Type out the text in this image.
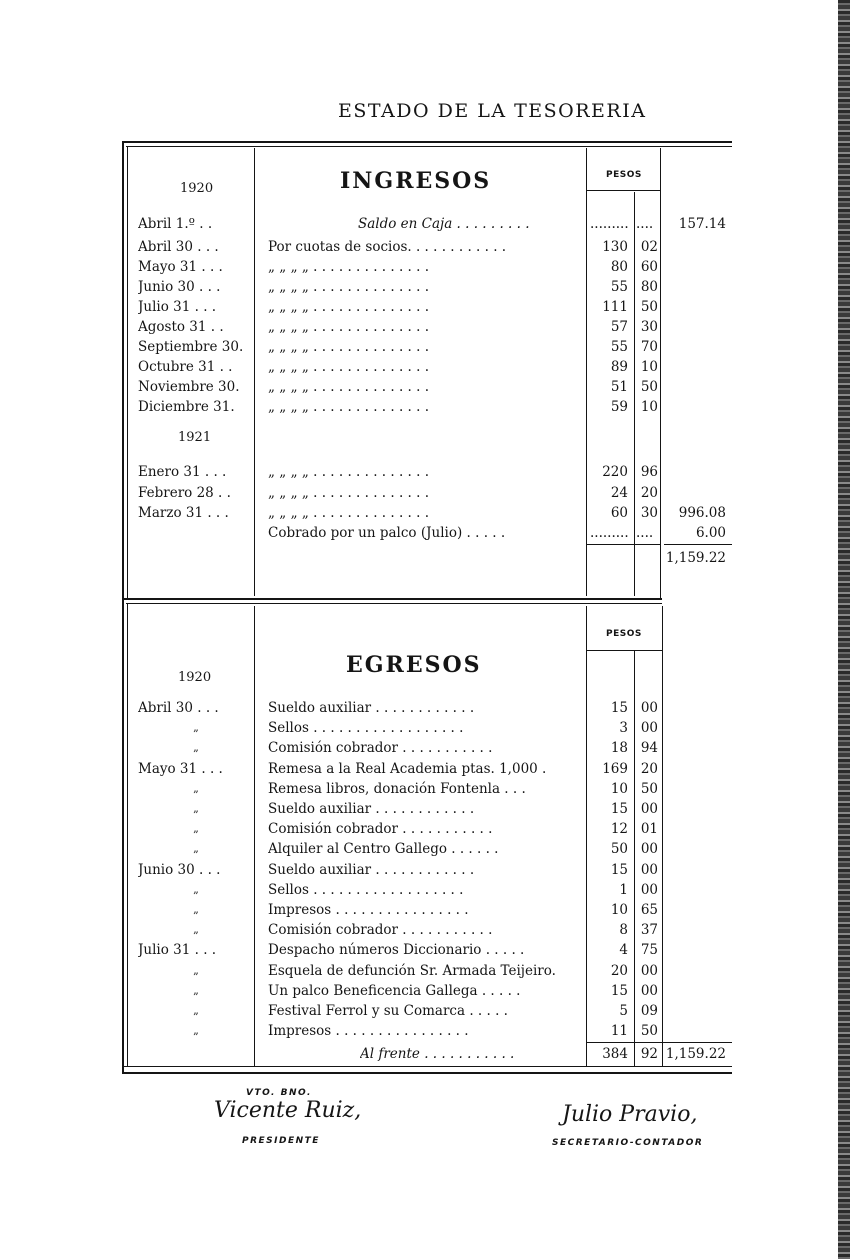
ESTADO DE LA TESORERIA
1920	INGRESOS	PESOS
Abril 1.º . .	Saldo en Caja . . . . . . . . .	......... ....	157.14
Abril 30 . . .	Por cuotas de socios. . . . . . . . . . . .	130 02
Mayo 31 . . .	„ „ „ „ . . . . . . . . . . . . . .	80 60
Junio 30 . . .	„ „ „ „ . . . . . . . . . . . . . .	55 80
Julio 31 . . .	„ „ „ „ . . . . . . . . . . . . . .	111 50
Agosto 31 . .	„ „ „ „ . . . . . . . . . . . . . .	57 30
Septiembre 30.	„ „ „ „ . . . . . . . . . . . . . .	55 70
Octubre 31 . .	„ „ „ „ . . . . . . . . . . . . . .	89 10
Noviembre 30.	„ „ „ „ . . . . . . . . . . . . . .	51 50
Diciembre 31.	„ „ „ „ . . . . . . . . . . . . . .	59 10
1921
Enero 31 . . .	„ „ „ „ . . . . . . . . . . . . . .	220 96
Febrero 28 . .	„ „ „ „ . . . . . . . . . . . . . .	24 20
Marzo 31 . . .	„ „ „ „ . . . . . . . . . . . . . .	60 30	996.08
Cobrado por un palco (Julio) . . . . .	......... ....	6.00
1,159.22
PESOS
EGRESOS
1920
Abril 30 . . .	Sueldo auxiliar . . . . . . . . . . . .	15 00
„	Sellos . . . . . . . . . . . . . . . . . .	3 00
„	Comisión cobrador . . . . . . . . . . .	18 94
Mayo 31 . . .	Remesa a la Real Academia ptas. 1,000 .	169 20
„	Remesa libros, donación Fontenla . . .	10 50
„	Sueldo auxiliar . . . . . . . . . . . .	15 00
„	Comisión cobrador . . . . . . . . . . .	12 01
„	Alquiler al Centro Gallego . . . . . .	50 00
Junio 30 . . .	Sueldo auxiliar . . . . . . . . . . . .	15 00
„	Sellos . . . . . . . . . . . . . . . . . .	1 00
„	Impresos . . . . . . . . . . . . . . . .	10 65
„	Comisión cobrador . . . . . . . . . . .	8 37
Julio 31 . . .	Despacho números Diccionario . . . . .	4 75
„	Esquela de defunción Sr. Armada Teijeiro.	20 00
„	Un palco Beneficencia Gallega . . . . .	15 00
„	Festival Ferrol y su Comarca . . . . .	5 09
„	Impresos . . . . . . . . . . . . . . . .	11 50
Al frente . . . . . . . . . . .	384 92 1,159.22
VTO. BNO.
Vicente Ruiz,
PRESIDENTE
Julio Pravio,
SECRETARIO-CONTADOR
